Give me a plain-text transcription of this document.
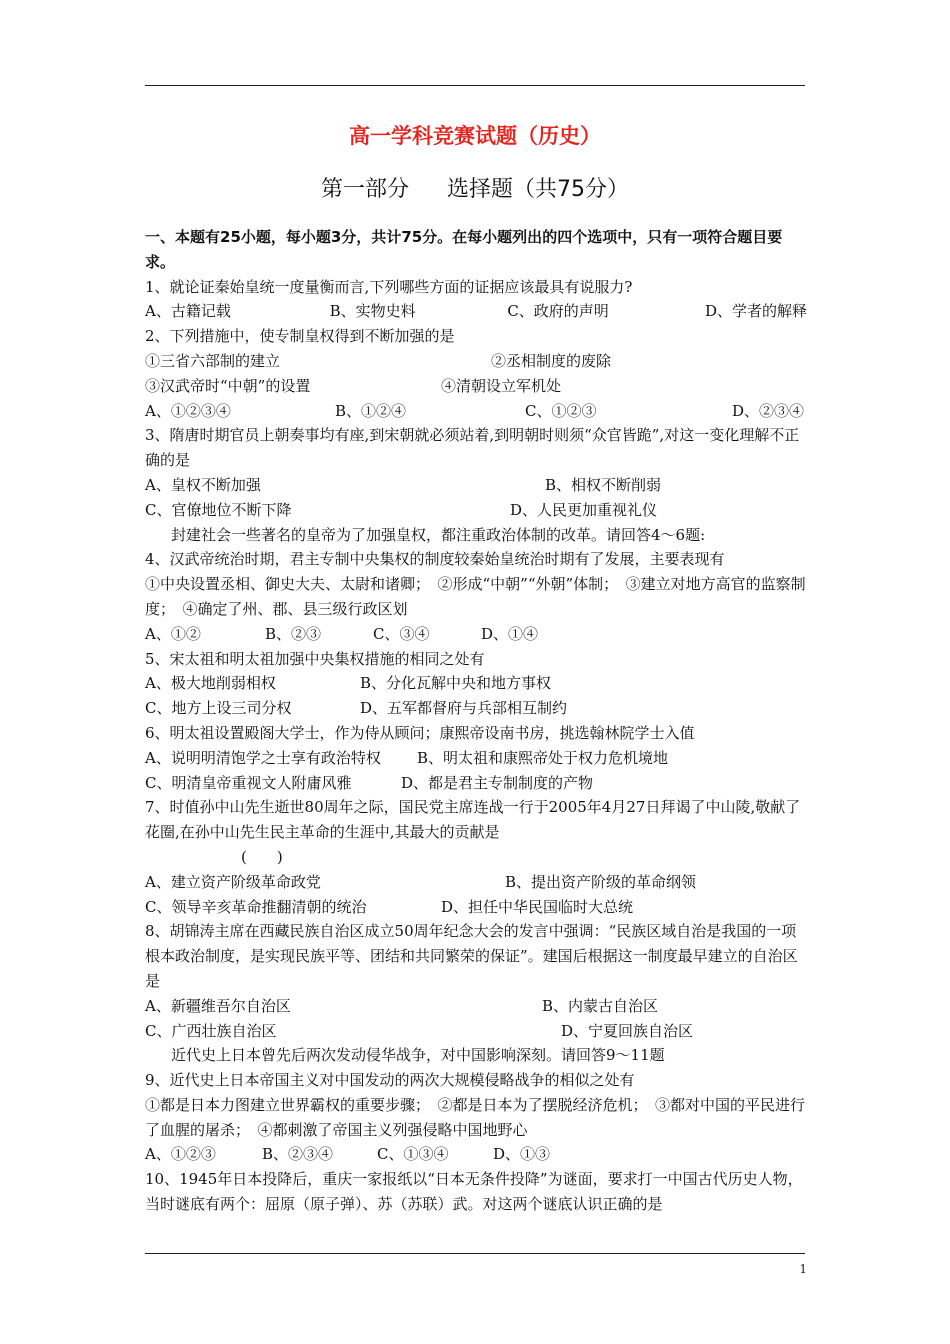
高一学科竞赛试题（历史）
第一部分 选择题（共75分）
一、本题有25小题，每小题3分，共计75分。在每小题列出的四个选项中，只有一项符合题目要求。
1、就论证秦始皇统一度量衡而言,下列哪些方面的证据应该最具有说服力?
A、古籍记载	B、实物史料	C、政府的声明	D、学者的解释
2、下列措施中，使专制皇权得到不断加强的是
①三省六部制的建立	②丞相制度的废除
③汉武帝时“中朝”的设置	④清朝设立军机处
A、①②③④	B、①②④	C、①②③	D、②③④
3、隋唐时期官员上朝奏事均有座,到宋朝就必须站着,到明朝时则须“众官皆跪”,对这一变化理解不正确的是
A、皇权不断加强	B、相权不断削弱
C、官僚地位不断下降	D、人民更加重视礼仪
封建社会一些著名的皇帝为了加强皇权，都注重政治体制的改革。请回答4～6题:
4、汉武帝统治时期，君主专制中央集权的制度较秦始皇统治时期有了发展，主要表现有
①中央设置丞相、御史大夫、太尉和诸卿；　②形成“中朝”“外朝”体制；　③建立对地方高官的监察制度；　④确定了州、郡、县三级行政区划
A、①②	B、②③	C、③④	D、①④
5、宋太祖和明太祖加强中央集权措施的相同之处有
A、极大地削弱相权	B、分化瓦解中央和地方事权
C、地方上设三司分权	D、五军都督府与兵部相互制约
6、明太祖设置殿阁大学士，作为侍从顾问；康熙帝设南书房，挑选翰林院学士入值
A、说明明清饱学之士享有政治特权	B、明太祖和康熙帝处于权力危机境地
C、明清皇帝重视文人附庸风雅	D、都是君主专制制度的产物
7、时值孙中山先生逝世80周年之际，国民党主席连战一行于2005年4月27日拜谒了中山陵,敬献了花圈,在孙中山先生民主革命的生涯中,其最大的贡献是
(　　)
A、建立资产阶级革命政党	B、提出资产阶级的革命纲领
C、领导辛亥革命推翻清朝的统治	D、担任中华民国临时大总统
8、胡锦涛主席在西藏民族自治区成立50周年纪念大会的发言中强调：“民族区域自治是我国的一项根本政治制度，是实现民族平等、团结和共同繁荣的保证”。建国后根据这一制度最早建立的自治区是
A、新疆维吾尔自治区	B、内蒙古自治区
C、广西壮族自治区	D、宁夏回族自治区
近代史上日本曾先后两次发动侵华战争，对中国影响深刻。请回答9～11题
9、近代史上日本帝国主义对中国发动的两次大规模侵略战争的相似之处有
①都是日本力图建立世界霸权的重要步骤；　②都是日本为了摆脱经济危机；　③都对中国的平民进行了血腥的屠杀；　④都刺激了帝国主义列强侵略中国地野心
A、①②③	B、②③④	C、①③④	D、①③
10、1945年日本投降后，重庆一家报纸以“日本无条件投降”为谜面，要求打一中国古代历史人物，当时谜底有两个：屈原（原子弹）、苏（苏联）武。对这两个谜底认识正确的是
1
